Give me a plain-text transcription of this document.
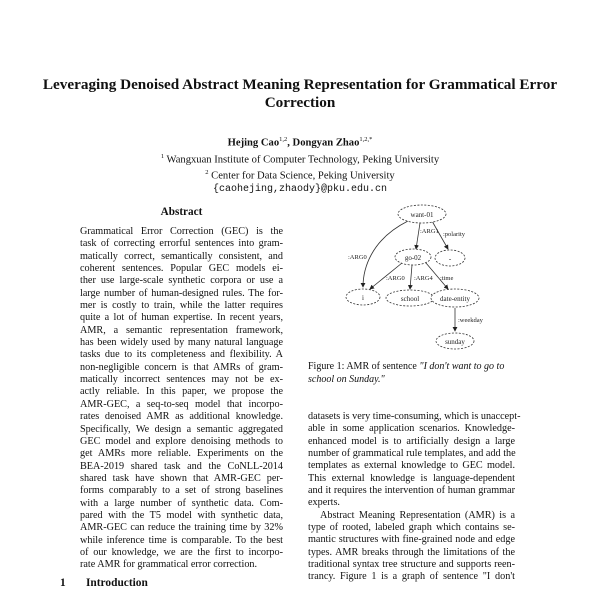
Leveraging Denoised Abstract Meaning Representation for Grammatical Error Correction
Hejing Cao$^{1,2}$, Dongyan Zhao$^{1,2,*}$
$^1$ Wangxuan Institute of Computer Technology, Peking University
$^2$ Center for Data Science, Peking University
{caohejing,zhaody}@pku.edu.cn
Abstract
Grammatical Error Correction (GEC) is the
task of correcting errorful sentences into gram-
matically correct, semantically consistent, and
coherent sentences. Popular GEC models ei-
ther use large-scale synthetic corpora or use a
large number of human-designed rules. The for-
mer is costly to train, while the latter requires
quite a lot of human expertise. In recent years,
AMR, a semantic representation framework,
has been widely used by many natural language
tasks due to its completeness and flexibility. A
non-negligible concern is that AMRs of gram-
matically incorrect sentences may not be ex-
actly reliable. In this paper, we propose the
AMR-GEC, a seq-to-seq model that incorpo-
rates denoised AMR as additional knowledge.
Specifically, We design a semantic aggregated
GEC model and explore denoising methods to
get AMRs more reliable. Experiments on the
BEA-2019 shared task and the CoNLL-2014
shared task have shown that AMR-GEC per-
forms comparably to a set of strong baselines
with a large number of synthetic data. Com-
pared with the T5 model with synthetic data,
AMR-GEC can reduce the training time by 32%
while inference time is comparable. To the best
of our knowledge, we are the first to incorpo-
rate AMR for grammatical error correction.
1 Introduction
want-01
go-02	-
i	school	date-entity
sunday
:ARG0
:ARG1 :polarity
:ARG0 :ARG4 :time
:weekday
Figure 1: AMR of sentence "I don't want to go to school on Sunday."
datasets is very time-consuming, which is unaccept-
able in some application scenarios. Knowledge-
enhanced model is to artificially design a large
number of grammatical rule templates, and add the
templates as external knowledge to GEC model.
This external knowledge is language-dependent
and it requires the intervention of human grammar
experts.
Abstract Meaning Representation (AMR) is a
type of rooted, labeled graph which contains se-
mantic structures with fine-grained node and edge
types. AMR breaks through the limitations of the
traditional syntax tree structure and supports reen-
trancy. Figure 1 is a graph of sentence "I don't
